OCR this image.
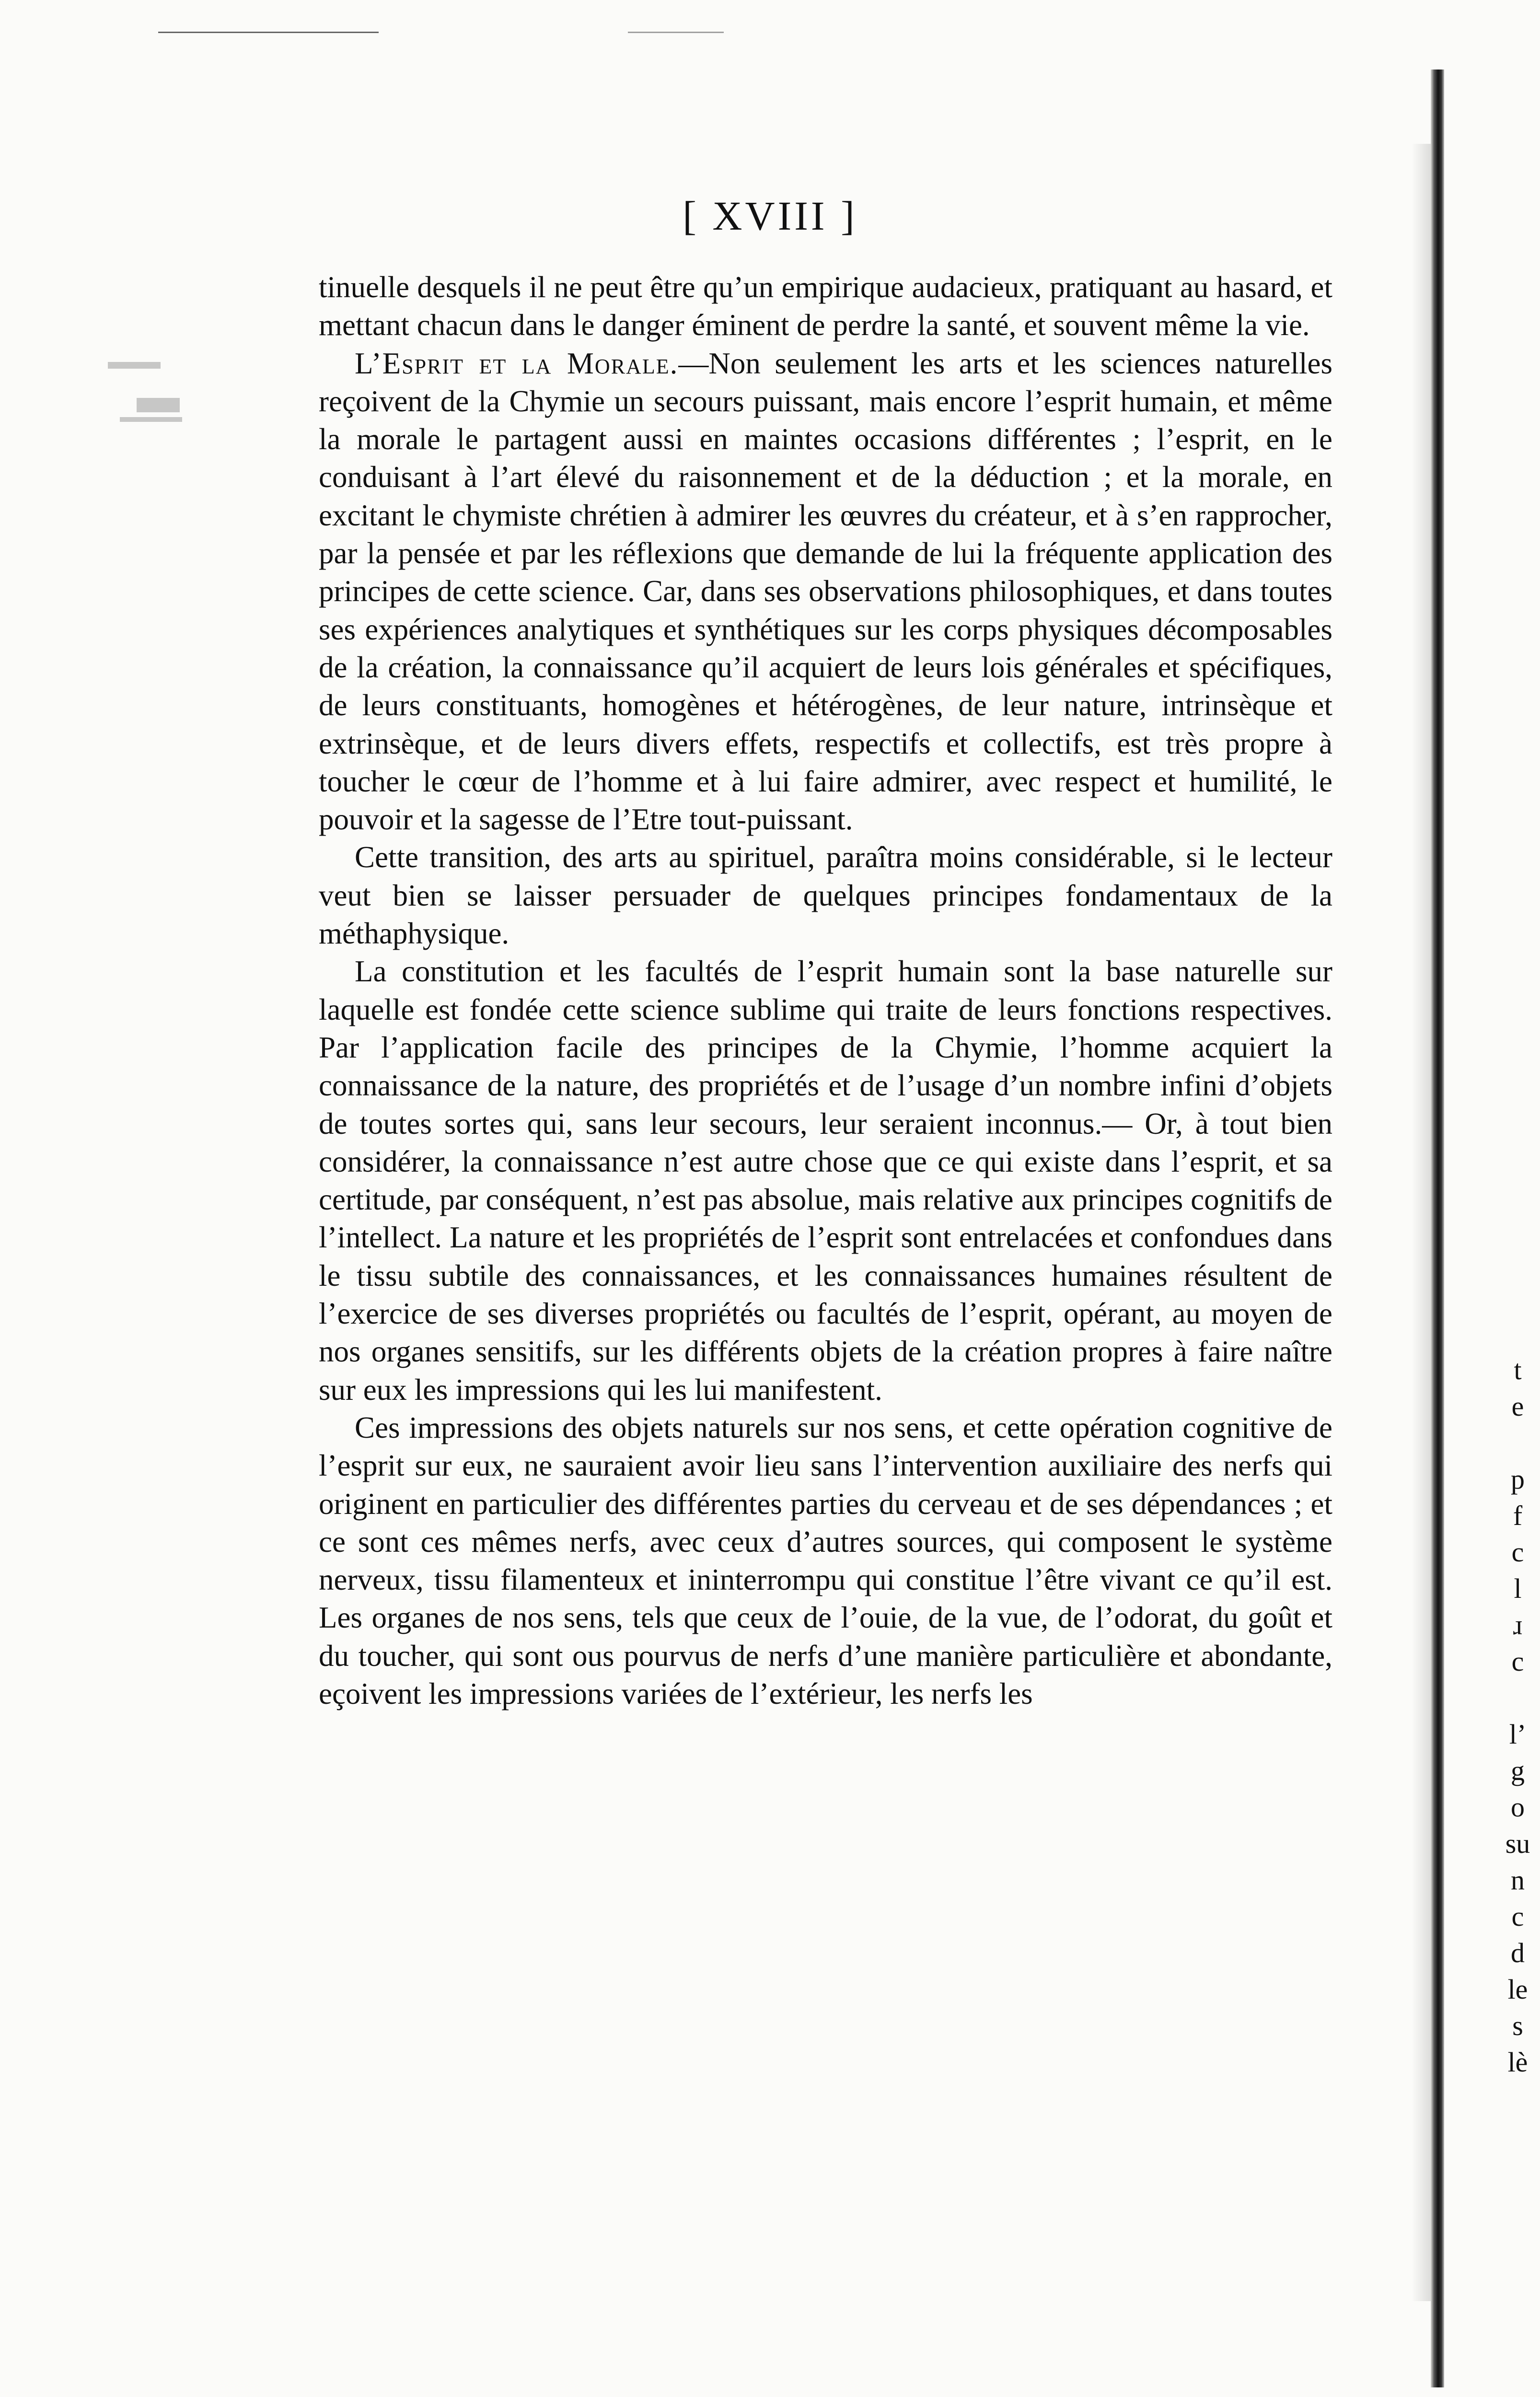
[ XVIII ]

tinuelle desquels il ne peut être qu’un empirique audacieux, pratiquant au hasard, et mettant chacun dans le danger éminent de perdre la santé, et souvent même la vie.

L’Esprit et la Morale.—Non seulement les arts et les sciences naturelles reçoivent de la Chymie un secours puissant, mais encore l’esprit humain, et même la morale le partagent aussi en maintes occasions différentes ; l’esprit, en le conduisant à l’art élevé du raisonnement et de la déduction ; et la morale, en excitant le chymiste chrétien à admirer les œuvres du créateur, et à s’en rapprocher, par la pensée et par les réflexions que demande de lui la fréquente application des principes de cette science. Car, dans ses observations philosophiques, et dans toutes ses expériences analytiques et synthétiques sur les corps physiques décomposables de la création, la connaissance qu’il acquiert de leurs lois générales et spécifiques, de leurs constituants, homogènes et hétérogènes, de leur nature, intrinsèque et extrinsèque, et de leurs divers effets, respectifs et collectifs, est très propre à toucher le cœur de l’homme et à lui faire admirer, avec respect et humilité, le pouvoir et la sagesse de l’Etre tout-puissant.

Cette transition, des arts au spirituel, paraîtra moins considérable, si le lecteur veut bien se laisser persuader de quelques principes fondamentaux de la méthaphysique.

La constitution et les facultés de l’esprit humain sont la base naturelle sur laquelle est fondée cette science sublime qui traite de leurs fonctions respectives. Par l’application facile des principes de la Chymie, l’homme acquiert la connaissance de la nature, des propriétés et de l’usage d’un nombre infini d’objets de toutes sortes qui, sans leur secours, leur seraient inconnus.— Or, à tout bien considérer, la connaissance n’est autre chose que ce qui existe dans l’esprit, et sa certitude, par conséquent, n’est pas absolue, mais relative aux principes cognitifs de l’intellect. La nature et les propriétés de l’esprit sont entrelacées et confondues dans le tissu subtile des connaissances, et les connaissances humaines résultent de l’exercice de ses diverses propriétés ou facultés de l’esprit, opérant, au moyen de nos organes sensitifs, sur les différents objets de la création propres à faire naître sur eux les impressions qui les lui manifestent.

Ces impressions des objets naturels sur nos sens, et cette opération cognitive de l’esprit sur eux, ne sauraient avoir lieu sans l’intervention auxiliaire des nerfs qui originent en particulier des différentes parties du cerveau et de ses dépendances ; et ce sont ces mêmes nerfs, avec ceux d’autres sources, qui composent le système nerveux, tissu filamenteux et ininterrompu qui constitue l’être vivant ce qu’il est. Les organes de nos sens, tels que ceux de l’ouie, de la vue, de l’odorat, du goût et du toucher, qui sont ous pourvus de nerfs d’une manière particulière et abondante, eçoivent les impressions variées de l’extérieur, les nerfs les

t
e
p
f
c
l
ɹ
c
l’
g
o
su
n
c
d
le
s
lè
